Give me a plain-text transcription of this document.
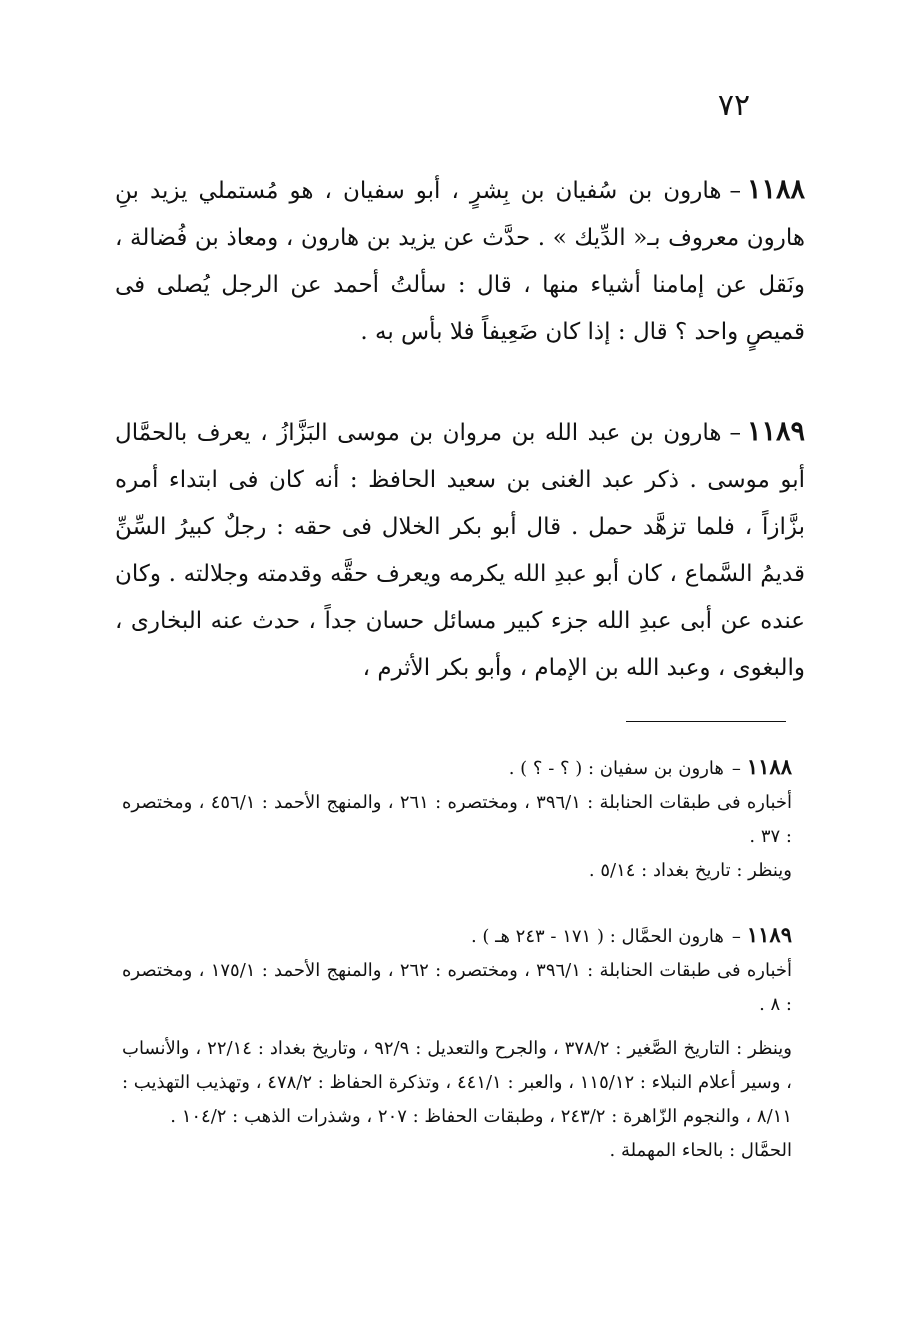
٧٢

١١٨٨–هارون بن سُفيان بن بِشرٍ ، أبو سفيان ، هو مُستملي يزيد بنِ هارون معروف بـ« الدِّيك » . حدَّث عن يزيد بن هارون ، ومعاذ بن فُضالة ، ونَقل عن إمامنا أشياء منها ، قال : سألتُ أحمد عن الرجل يُصلى فى قميصٍ واحد ؟ قال : إذا كان ضَعِيفاً فلا بأس به .

١١٨٩–هارون بن عبد الله بن مروان بن موسى البَزَّازُ ، يعرف بالحمَّال أبو موسى . ذكر عبد الغنى بن سعيد الحافظ : أنه كان فى ابتداء أمره بزَّازاً ، فلما تزهَّد حمل . قال أبو بكر الخلال فى حقه : رجلٌ كبيرُ السِّنِّ قديمُ السَّماع ، كان أبو عبدِ الله يكرمه ويعرف حقَّه وقدمته وجلالته . وكان عنده عن أبى عبدِ الله جزء كبير مسائل حسان جداً ، حدث عنه البخارى ، والبغوى ، وعبد الله بن الإمام ، وأبو بكر الأثرم ،

١١٨٨–هارون بن سفيان : ( ؟ - ؟ ) .

أخباره فى طبقات الحنابلة : ٣٩٦/١ ، ومختصره : ٢٦١ ، والمنهج الأحمد : ٤٥٦/١ ، ومختصره : ٣٧ .

وينظر : تاريخ بغداد : ٥/١٤ .

١١٨٩–هارون الحمَّال : ( ١٧١ - ٢٤٣ هـ ) .

أخباره فى طبقات الحنابلة : ٣٩٦/١ ، ومختصره : ٢٦٢ ، والمنهج الأحمد : ١٧٥/١ ، ومختصره : ٨ .

وينظر : التاريخ الصَّغير : ٣٧٨/٢ ، والجرح والتعديل : ٩٢/٩ ، وتاريخ بغداد : ٢٢/١٤ ، والأنساب ، وسير أعلام النبلاء : ١١٥/١٢ ، والعبر : ٤٤١/١ ، وتذكرة الحفاظ : ٤٧٨/٢ ، وتهذيب التهذيب : ٨/١١ ، والنجوم الزّاهرة : ٢٤٣/٢ ، وطبقات الحفاظ : ٢٠٧ ، وشذرات الذهب : ١٠٤/٢ .

الحمَّال : بالحاء المهملة .
